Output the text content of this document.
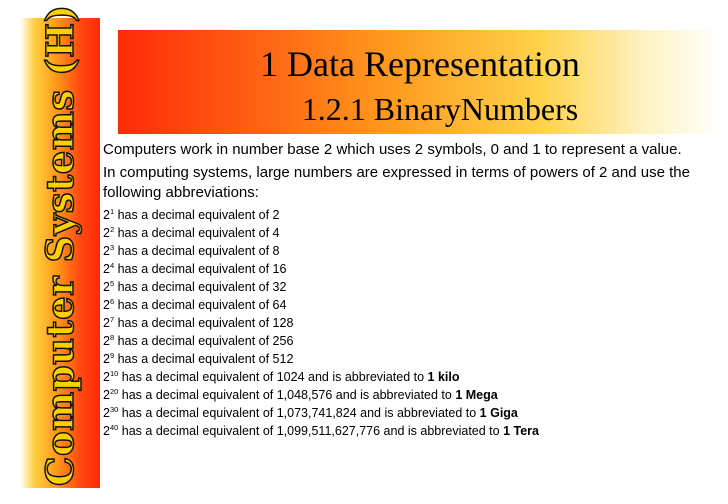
Computer Systems (H)	1 Data Representation
1.2.1 BinaryNumbers

Computers work in number base 2 which uses 2 symbols, 0 and 1 to represent a value.

In computing systems, large numbers are expressed in terms of powers of 2 and use the following abbreviations:

$2^1$ has a decimal equivalent of 2
$2^2$ has a decimal equivalent of 4
$2^3$ has a decimal equivalent of 8
$2^4$ has a decimal equivalent of 16
$2^5$ has a decimal equivalent of 32
$2^6$ has a decimal equivalent of 64
$2^7$ has a decimal equivalent of 128
$2^8$ has a decimal equivalent of 256
$2^9$ has a decimal equivalent of 512
$2^{10}$ has a decimal equivalent of 1024 and is abbreviated to 1 kilo
$2^{20}$ has a decimal equivalent of 1,048,576 and is abbreviated to 1 Mega
$2^{30}$ has a decimal equivalent of 1,073,741,824 and is abbreviated to 1 Giga
$2^{40}$ has a decimal equivalent of 1,099,511,627,776 and is abbreviated to 1 Tera
